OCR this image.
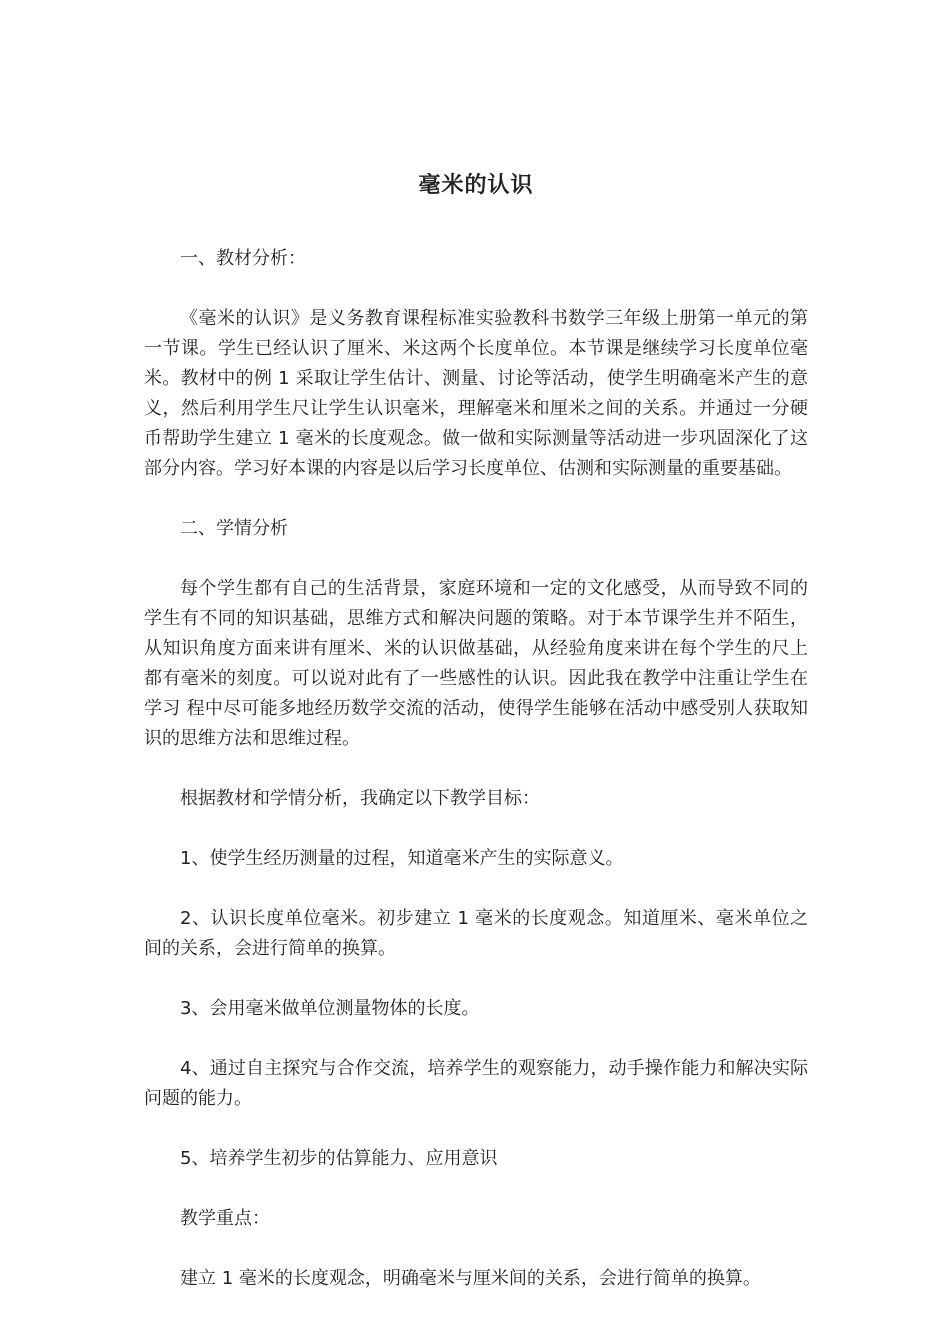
毫米的认识

一、教材分析：

《毫米的认识》是义务教育课程标准实验教科书数学三年级上册第一单元的第一节课。学生已经认识了厘米、米这两个长度单位。本节课是继续学习长度单位毫米。教材中的例 1 采取让学生估计、测量、讨论等活动，使学生明确毫米产生的意义，然后利用学生尺让学生认识毫米，理解毫米和厘米之间的关系。并通过一分硬币帮助学生建立 1 毫米的长度观念。做一做和实际测量等活动进一步巩固深化了这部分内容。学习好本课的内容是以后学习长度单位、估测和实际测量的重要基础。

二、学情分析

每个学生都有自己的生活背景，家庭环境和一定的文化感受，从而导致不同的学生有不同的知识基础，思维方式和解决问题的策略。对于本节课学生并不陌生，从知识角度方面来讲有厘米、米的认识做基础，从经验角度来讲在每个学生的尺上都有毫米的刻度。可以说对此有了一些感性的认识。因此我在教学中注重让学生在学习 程中尽可能多地经历数学交流的活动，使得学生能够在活动中感受别人获取知识的思维方法和思维过程。

根据教材和学情分析，我确定以下教学目标：

1、使学生经历测量的过程，知道毫米产生的实际意义。

2、认识长度单位毫米。初步建立 1 毫米的长度观念。知道厘米、毫米单位之间的关系，会进行简单的换算。

3、会用毫米做单位测量物体的长度。

4、通过自主探究与合作交流，培养学生的观察能力，动手操作能力和解决实际问题的能力。

5、培养学生初步的估算能力、应用意识

教学重点：

建立 1 毫米的长度观念，明确毫米与厘米间的关系，会进行简单的换算。
